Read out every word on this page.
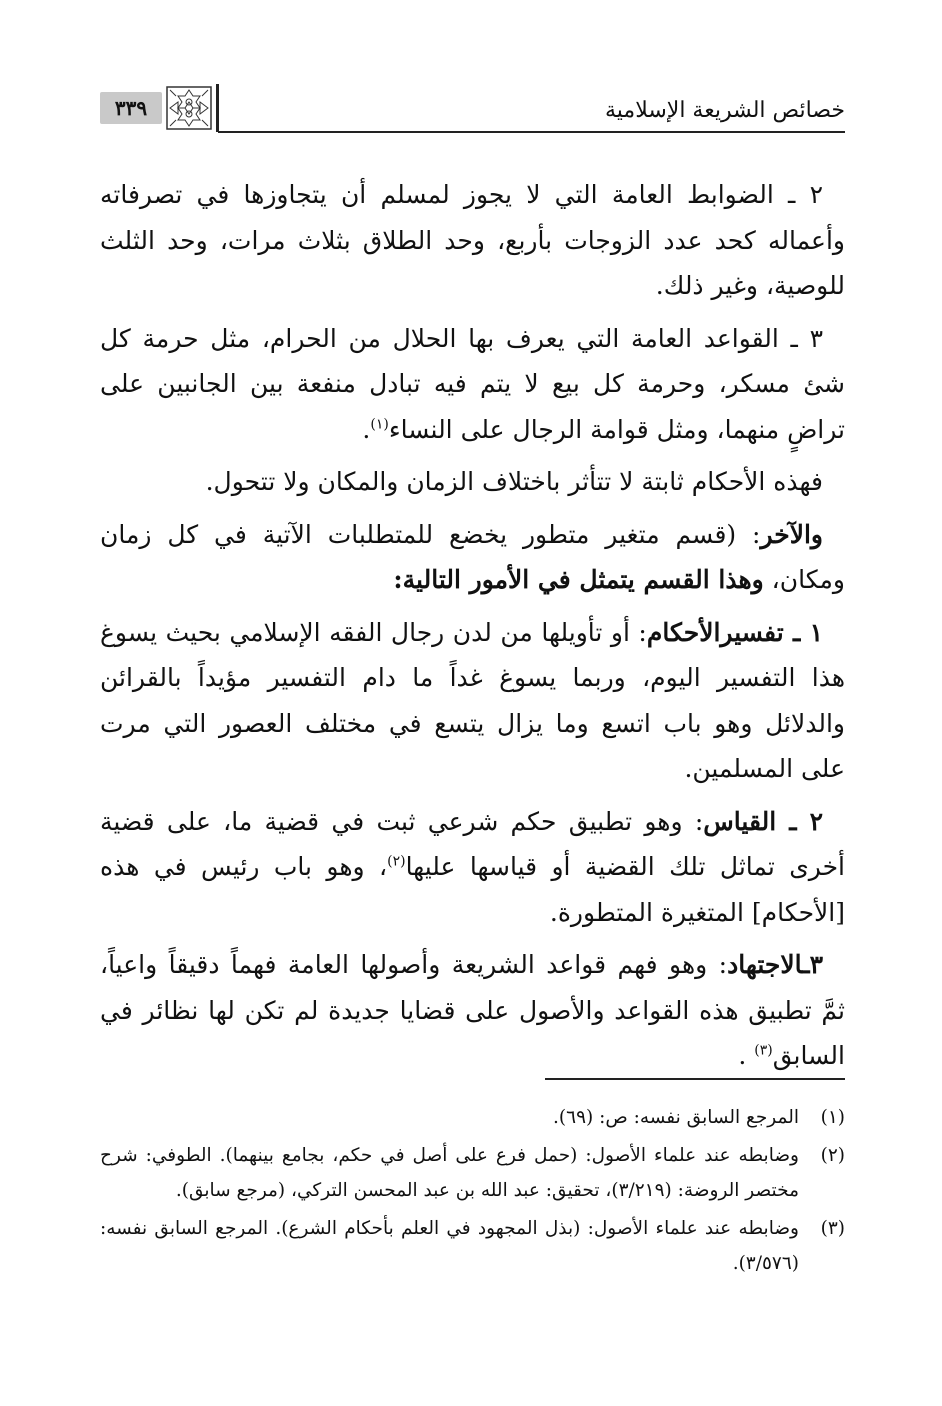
٣٣٩	خصائص الشريعة الإسلامية

٢ ـ الضوابط العامة التي لا يجوز لمسلم أن يتجاوزها في تصرفاته وأعماله كحد عدد الزوجات بأربع، وحد الطلاق بثلاث مرات، وحد الثلث للوصية، وغير ذلك.

٣ ـ القواعد العامة التي يعرف بها الحلال من الحرام، مثل حرمة كل شئ مسكر، وحرمة كل بيع لا يتم فيه تبادل منفعة بين الجانبين على تراضٍ منهما، ومثل قوامة الرجال على النساء$^{(١)}$.

فهذه الأحكام ثابتة لا تتأثر باختلاف الزمان والمكان ولا تتحول.

والآخر: (قسم متغير متطور يخضع للمتطلبات الآتية في كل زمان ومكان، وهذا القسم يتمثل في الأمور التالية:

١ ـ تفسيرالأحكام: أو تأويلها من لدن رجال الفقه الإسلامي بحيث يسوغ هذا التفسير اليوم، وربما يسوغ غداً ما دام التفسير مؤيداً بالقرائن والدلائل وهو باب اتسع وما يزال يتسع في مختلف العصور التي مرت على المسلمين.

٢ ـ القياس: وهو تطبيق حكم شرعي ثبت في قضية ما، على قضية أخرى تماثل تلك القضية أو قياسها عليها$^{(٢)}$، وهو باب رئيس في هذه [الأحكام] المتغيرة المتطورة.

٣ـالاجتهاد: وهو فهم قواعد الشريعة وأصولها العامة فهماً دقيقاً واعياً، ثمَّ تطبيق هذه القواعد والأصول على قضايا جديدة لم تكن لها نظائر في السابق$^{(٣)}$ .

(١)
المرجع السابق نفسه: ص: (٦٩).
(٢)
وضابطه عند علماء الأصول: (حمل فرع على أصل في حكم، بجامع بينهما). الطوفي: شرح مختصر الروضة: (٣/٢١٩)، تحقيق: عبد الله بن عبد المحسن التركي، (مرجع سابق).
(٣)
وضابطه عند علماء الأصول: (بذل المجهود في العلم بأحكام الشرع). المرجع السابق نفسه: (٣/٥٧٦).
